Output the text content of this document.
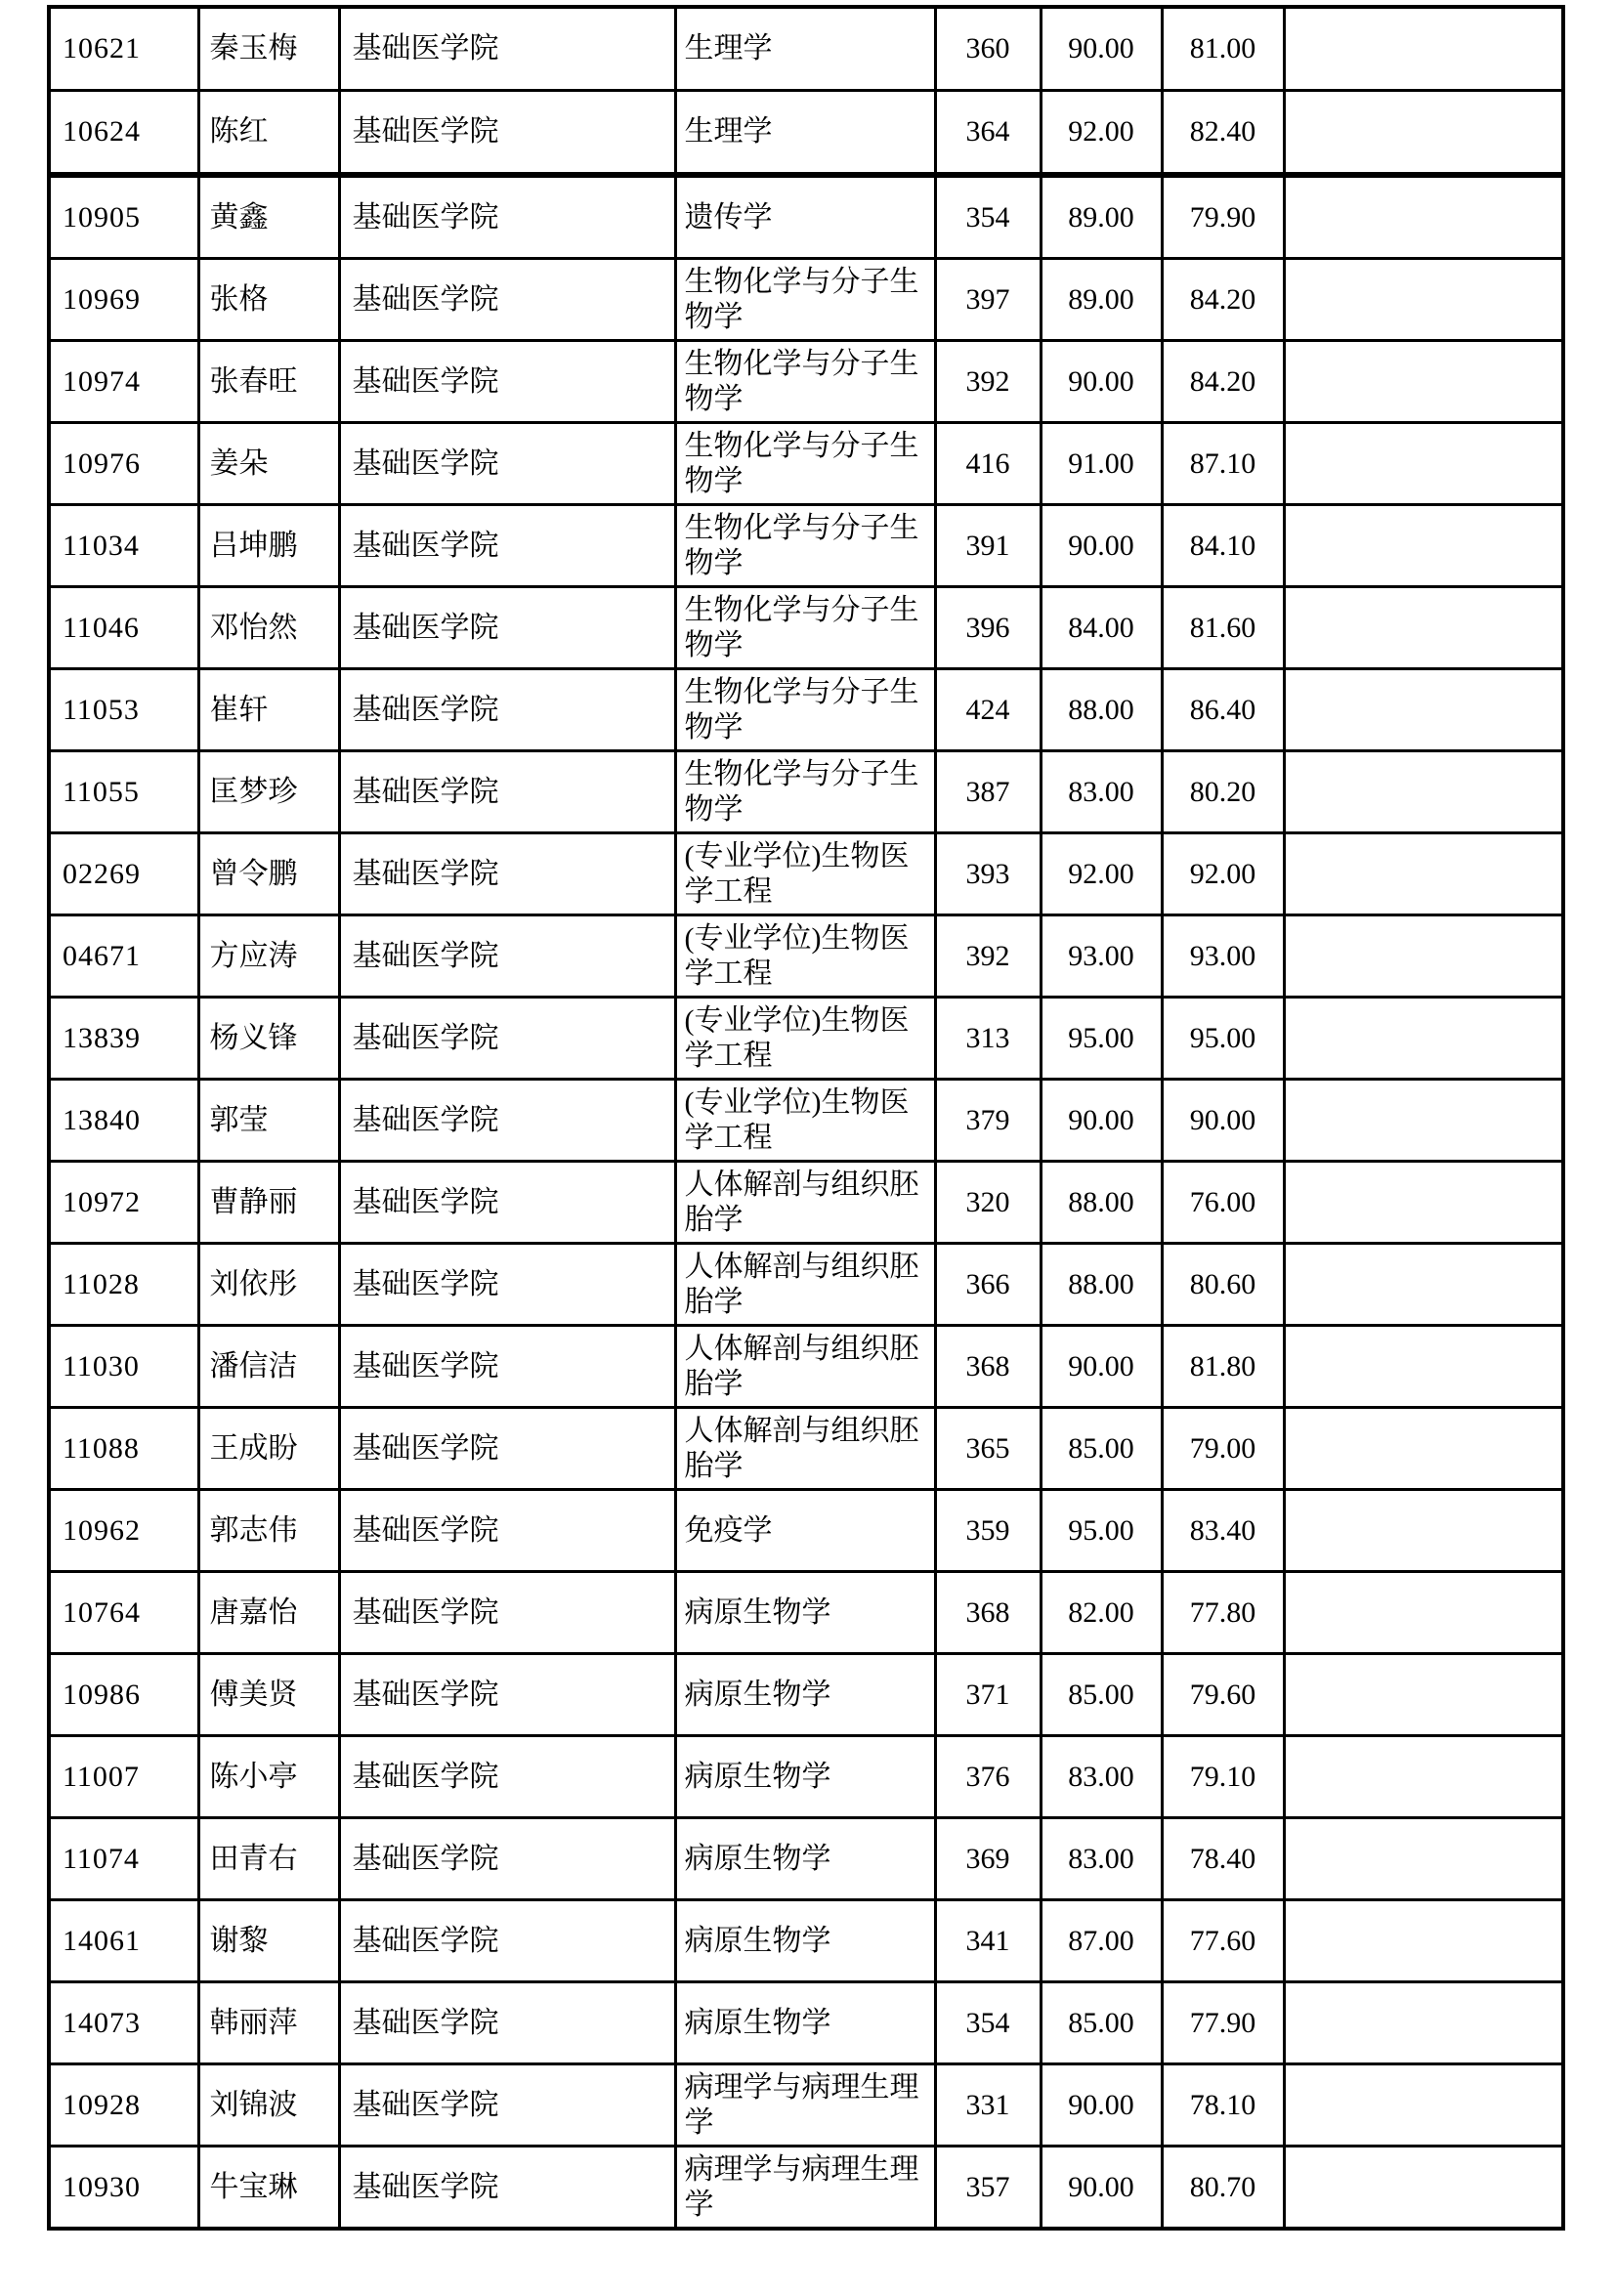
10621	秦玉梅	基础医学院	生理学	360	90.00	81.00	
10624	陈红	基础医学院	生理学	364	92.00	82.40	
10905	黄鑫	基础医学院	遗传学	354	89.00	79.90	
10969	张格	基础医学院	生物化学与分子生物学	397	89.00	84.20	
10974	张春旺	基础医学院	生物化学与分子生物学	392	90.00	84.20	
10976	姜朵	基础医学院	生物化学与分子生物学	416	91.00	87.10	
11034	吕坤鹏	基础医学院	生物化学与分子生物学	391	90.00	84.10	
11046	邓怡然	基础医学院	生物化学与分子生物学	396	84.00	81.60	
11053	崔轩	基础医学院	生物化学与分子生物学	424	88.00	86.40	
11055	匡梦珍	基础医学院	生物化学与分子生物学	387	83.00	80.20	
02269	曾令鹏	基础医学院	(专业学位)生物医学工程	393	92.00	92.00	
04671	方应涛	基础医学院	(专业学位)生物医学工程	392	93.00	93.00	
13839	杨义锋	基础医学院	(专业学位)生物医学工程	313	95.00	95.00	
13840	郭莹	基础医学院	(专业学位)生物医学工程	379	90.00	90.00	
10972	曹静丽	基础医学院	人体解剖与组织胚胎学	320	88.00	76.00	
11028	刘依彤	基础医学院	人体解剖与组织胚胎学	366	88.00	80.60	
11030	潘信洁	基础医学院	人体解剖与组织胚胎学	368	90.00	81.80	
11088	王成盼	基础医学院	人体解剖与组织胚胎学	365	85.00	79.00	
10962	郭志伟	基础医学院	免疫学	359	95.00	83.40	
10764	唐嘉怡	基础医学院	病原生物学	368	82.00	77.80	
10986	傅美贤	基础医学院	病原生物学	371	85.00	79.60	
11007	陈小亭	基础医学院	病原生物学	376	83.00	79.10	
11074	田青右	基础医学院	病原生物学	369	83.00	78.40	
14061	谢黎	基础医学院	病原生物学	341	87.00	77.60	
14073	韩丽萍	基础医学院	病原生物学	354	85.00	77.90	
10928	刘锦波	基础医学院	病理学与病理生理学	331	90.00	78.10	
10930	牛宝琳	基础医学院	病理学与病理生理学	357	90.00	80.70	
